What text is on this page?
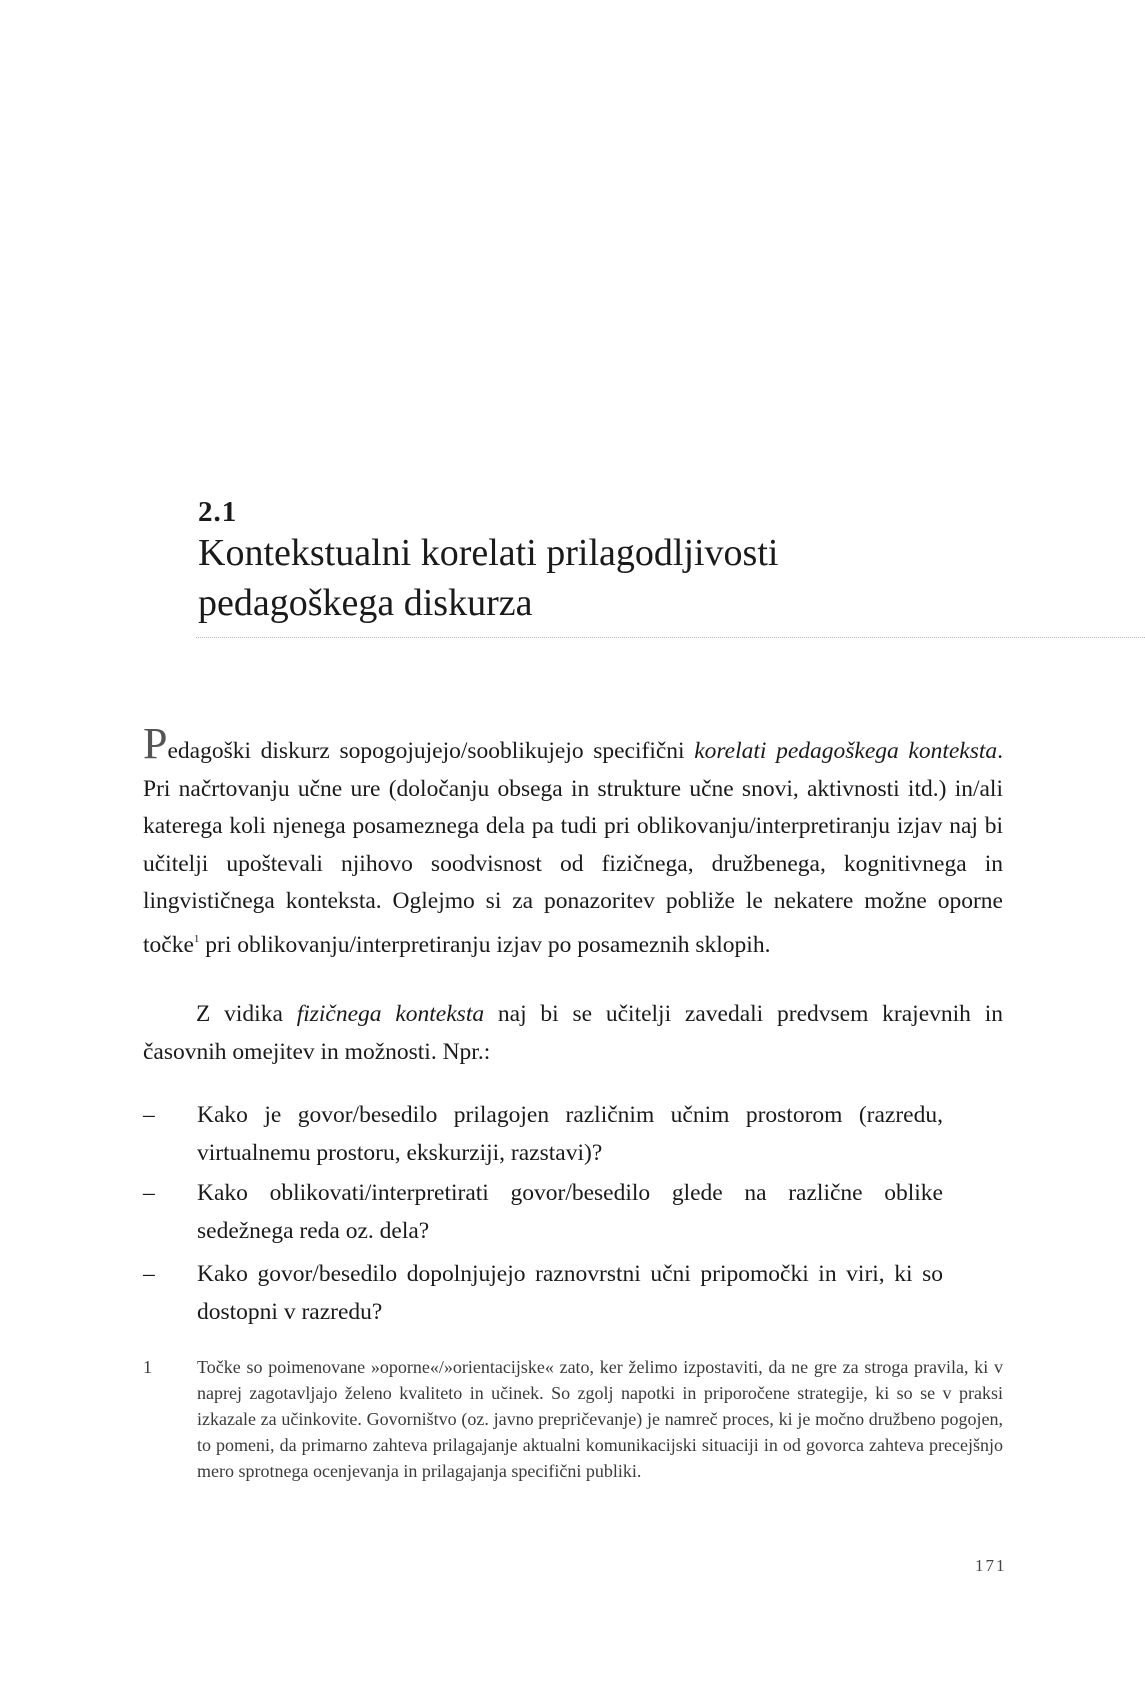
2.1
Kontekstualni korelati prilagodljivosti
pedagoškega diskurza

Pedagoški diskurz sopogojujejo/sooblikujejo specifični korelati pedagoškega konteksta. Pri načrtovanju učne ure (določanju obsega in strukture učne snovi, aktivnosti itd.) in/ali katerega koli njenega posameznega dela pa tudi pri oblikovanju/interpretiranju izjav naj bi učitelji upoštevali njihovo soodvisnost od fizičnega, družbenega, kognitivnega in lingvističnega konteksta. Oglejmo si za ponazoritev pobliže le nekatere možne oporne točke$^1$ pri oblikovanju/interpretiranju izjav po posameznih sklopih.

Z vidika fizičnega konteksta naj bi se učitelji zavedali predvsem krajevnih in časovnih omejitev in možnosti. Npr.:

– Kako je govor/besedilo prilagojen različnim učnim prostorom (razredu, virtualnemu prostoru, ekskurziji, razstavi)?
– Kako oblikovati/interpretirati govor/besedilo glede na različne oblike sedežnega reda oz. dela?
– Kako govor/besedilo dopolnjujejo raznovrstni učni pripomočki in viri, ki so dostopni v razredu?
1	Točke so poimenovane »oporne«/»orientacijske« zato, ker želimo izpostaviti, da ne gre za stroga pravila, ki v naprej zagotavljajo želeno kvaliteto in učinek. So zgolj napotki in priporočene strategije, ki so se v praksi izkazale za učinkovite. Govorništvo (oz. javno prepričevanje) je namreč proces, ki je močno družbeno pogojen, to pomeni, da primarno zahteva prilagajanje aktualni komunikacijski situaciji in od govorca zahteva precejšnjo mero sprotnega ocenjevanja in prilagajanja specifični publiki.
171
